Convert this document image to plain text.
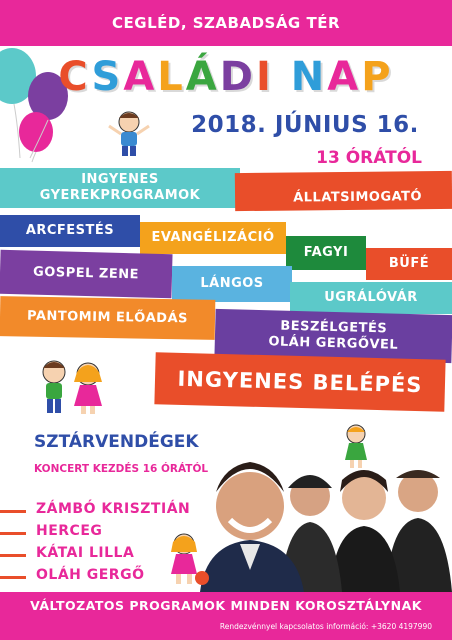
CEGLÉD, SZABADSÁG TÉR
CSALÁDI NAP
2018. JÚNIUS 16.
13 ÓRÁTÓL
INGYENES
GYEREKPROGRAMOK	ÁLLATSIMOGATÓ
ARCFESTÉS	EVANGÉLIZÁCIÓ
FAGYI
BÜFÉ
GOSPEL ZENE
LÁNGOS
UGRÁLÓVÁR
PANTOMIM ELŐADÁS
BESZÉLGETÉS
OLÁH GERGŐVEL
INGYENES BELÉPÉS
SZTÁRVENDÉGEK
KONCERT KEZDÉS 16 ÓRÁTÓL
ZÁMBÓ KRISZTIÁN
HERCEG
KÁTAI LILLA
OLÁH GERGŐ
VÁLTOZATOS PROGRAMOK MINDEN KOROSZTÁLYNAK
Rendezvénnyel kapcsolatos információ: +3620 4197990
